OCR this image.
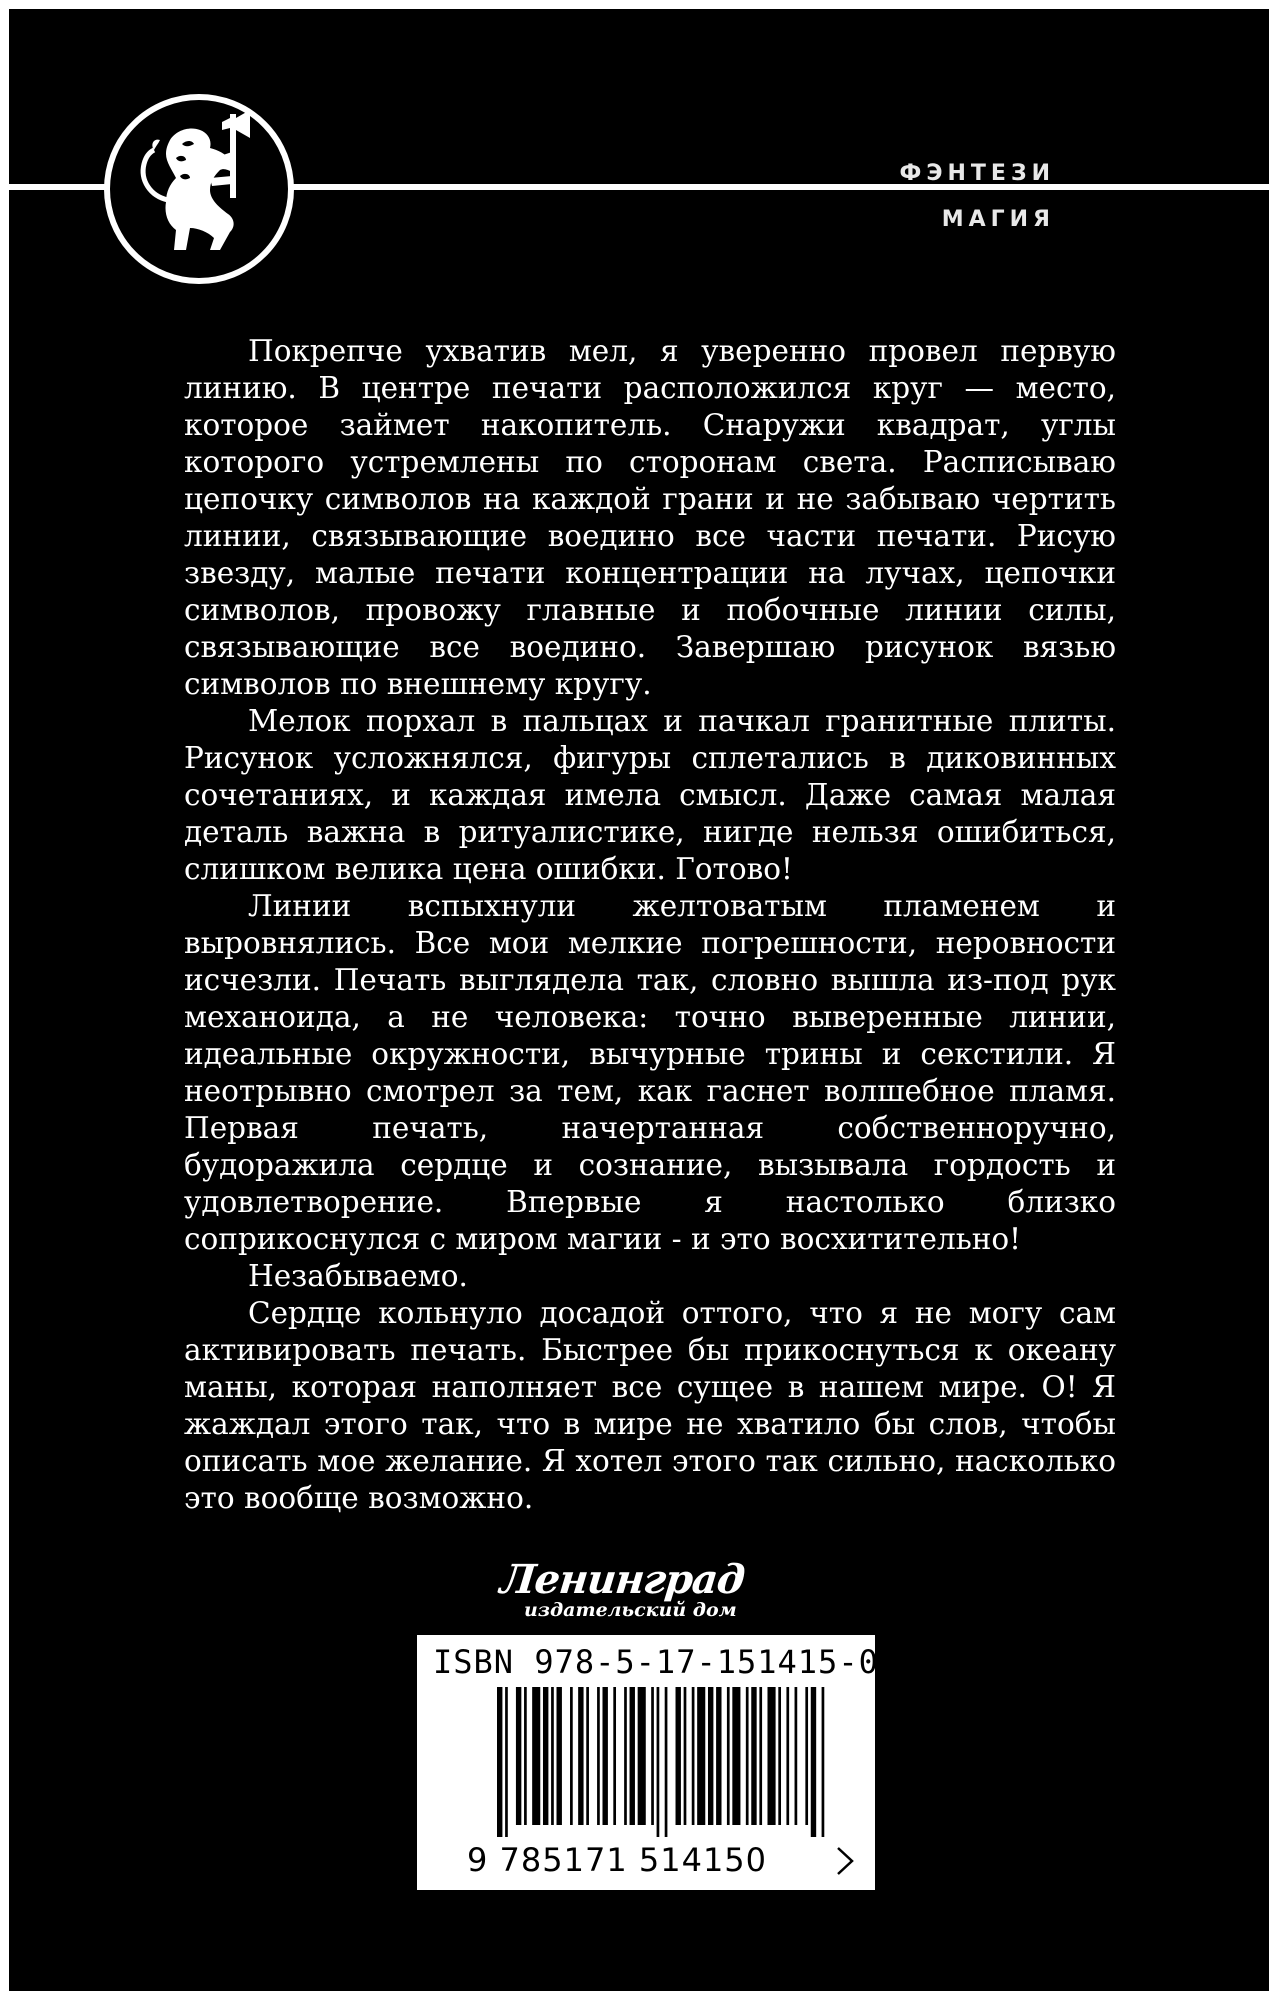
ФЭНТЕЗИ
МАГИЯ

Покрепче ухватив мел, я уверенно провел первую линию. В центре печати расположился круг — место, которое займет накопитель. Снаружи квадрат, углы которого устремлены по сторонам света. Расписываю цепочку символов на каждой грани и не забываю чертить линии, связывающие воедино все части печати. Рисую звезду, малые печати концентрации на лучах, цепочки символов, провожу главные и побочные линии силы, связывающие все воедино. Завершаю рисунок вязью символов по внешнему кругу.

Мелок порхал в пальцах и пачкал гранитные плиты. Рисунок усложнялся, фигуры сплетались в диковинных сочетаниях, и каждая имела смысл. Даже самая малая деталь важна в ритуалистике, нигде нельзя ошибиться, слишком велика цена ошибки. Готово!

Линии вспыхнули желтоватым пламенем и выровнялись. Все мои мелкие погрешности, неровности исчезли. Печать выглядела так, словно вышла из-под рук механоида, а не человека: точно выверенные линии, идеальные окружности, вычурные трины и секстили. Я неотрывно смотрел за тем, как гаснет волшебное пламя. Первая печать, начертанная собственноручно, будоражила сердце и сознание, вызывала гордость и удовлетворение. Впервые я настолько близко соприкоснулся с миром магии - и это восхитительно!

Незабываемо.

Сердце кольнуло досадой оттого, что я не могу сам активировать печать. Быстрее бы прикоснуться к океану маны, которая наполняет все сущее в нашем мире. О! Я жаждал этого так, что в мире не хватило бы слов, чтобы описать мое желание. Я хотел этого так сильно, насколько это вообще возможно.

Ленинград
издательский дом
ISBN 978-5-17-151415-0
9 785171 514150
